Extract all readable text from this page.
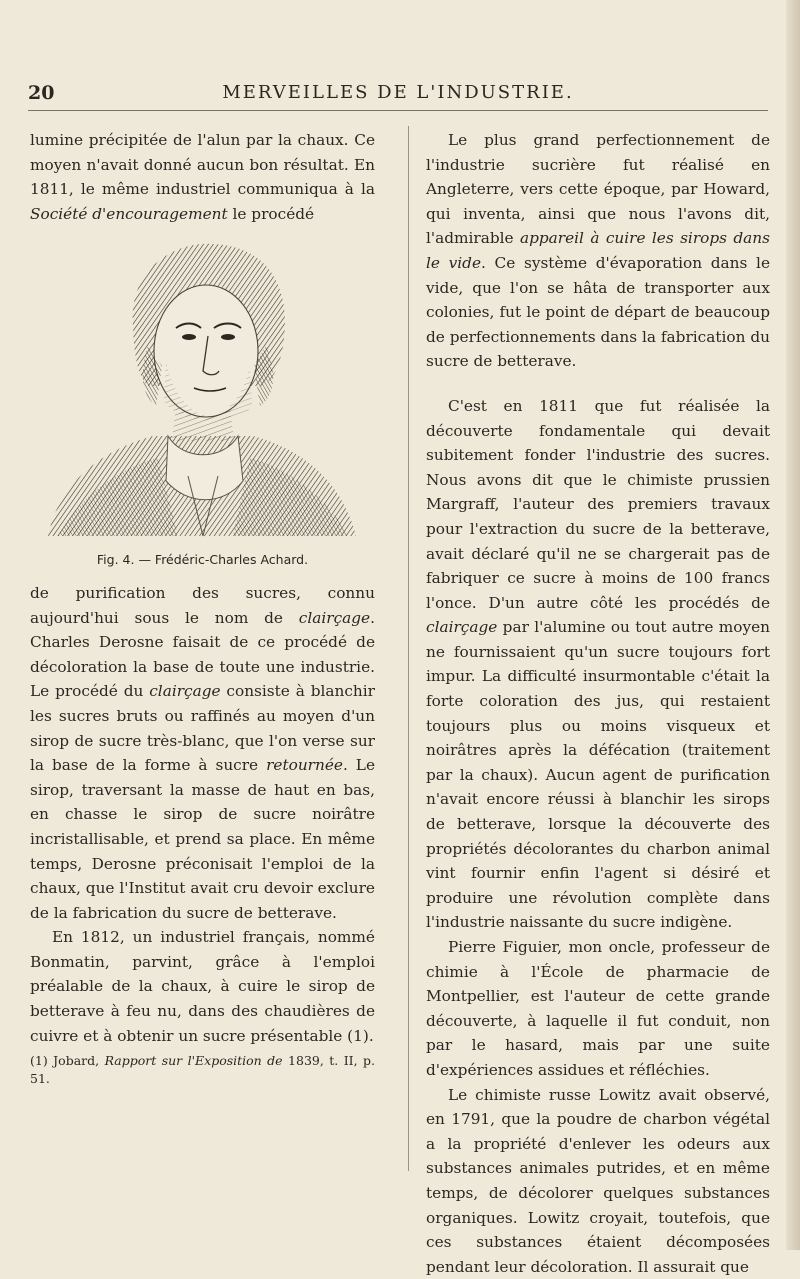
20	MERVEILLES DE L'INDUSTRIE.

lumine précipitée de l'alun par la chaux. Ce moyen n'avait donné aucun bon résultat. En 1811, le même industriel communiqua à la Société d'encouragement le procédé

Fig. 4. — Frédéric-Charles Achard.

de purification des sucres, connu aujourd'hui sous le nom de clairçage. Charles Derosne faisait de ce procédé de décoloration la base de toute une industrie. Le procédé du clairçage consiste à blanchir les sucres bruts ou raffinés au moyen d'un sirop de sucre très-blanc, que l'on verse sur la base de la forme à sucre retournée. Le sirop, traversant la masse de haut en bas, en chasse le sirop de sucre noirâtre incristallisable, et prend sa place. En même temps, Derosne préconisait l'emploi de la chaux, que l'Institut avait cru devoir exclure de la fabrication du sucre de betterave.

En 1812, un industriel français, nommé Bonmatin, parvint, grâce à l'emploi préalable de la chaux, à cuire le sirop de betterave à feu nu, dans des chaudières de cuivre et à obtenir un sucre présentable (1).

(1) Jobard, Rapport sur l'Exposition de 1839, t. II, p. 51.

Le plus grand perfectionnement de l'industrie sucrière fut réalisé en Angleterre, vers cette époque, par Howard, qui inventa, ainsi que nous l'avons dit, l'admirable appareil à cuire les sirops dans le vide. Ce système d'évaporation dans le vide, que l'on se hâta de transporter aux colonies, fut le point de départ de beaucoup de perfectionnements dans la fabrication du sucre de betterave.

C'est en 1811 que fut réalisée la découverte fondamentale qui devait subitement fonder l'industrie des sucres. Nous avons dit que le chimiste prussien Margraff, l'auteur des premiers travaux pour l'extraction du sucre de la betterave, avait déclaré qu'il ne se chargerait pas de fabriquer ce sucre à moins de 100 francs l'once. D'un autre côté les procédés de clairçage par l'alumine ou tout autre moyen ne fournissaient qu'un sucre toujours fort impur. La difficulté insurmontable c'était la forte coloration des jus, qui restaient toujours plus ou moins visqueux et noirâtres après la défécation (traitement par la chaux). Aucun agent de purification n'avait encore réussi à blanchir les sirops de betterave, lorsque la découverte des propriétés décolorantes du charbon animal vint fournir enfin l'agent si désiré et produire une révolution complète dans l'industrie naissante du sucre indigène.

Pierre Figuier, mon oncle, professeur de chimie à l'École de pharmacie de Montpellier, est l'auteur de cette grande découverte, à laquelle il fut conduit, non par le hasard, mais par une suite d'expériences assidues et réfléchies.

Le chimiste russe Lowitz avait observé, en 1791, que la poudre de charbon végétal a la propriété d'enlever les odeurs aux substances animales putrides, et en même temps, de décolorer quelques substances organiques. Lowitz croyait, toutefois, que ces substances étaient décomposées pendant leur décoloration. Il assurait que
